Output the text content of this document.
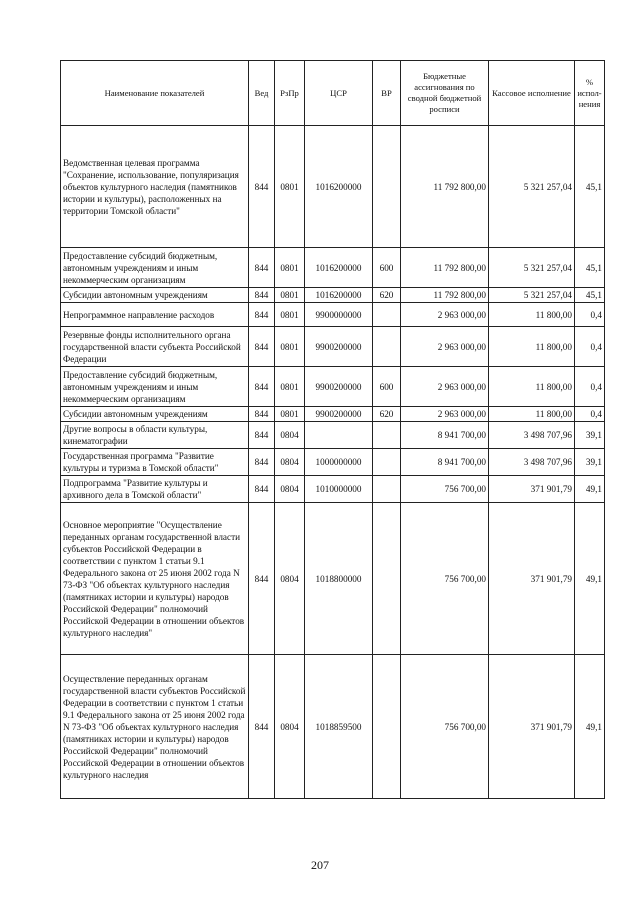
Наименование показателей	Вед	РзПр	ЦСР	ВР	Бюджетные ассигнования по сводной бюджетной росписи	Кассовое исполнение	% испол-нения
Ведомственная целевая программа "Сохранение, использование, популяризация объектов культурного наследия (памятников истории и культуры), расположенных на территории Томской области"	844	0801	1016200000		11 792 800,00	5 321 257,04	45,1
Предоставление субсидий бюджетным, автономным учреждениям и иным некоммерческим организациям	844	0801	1016200000	600	11 792 800,00	5 321 257,04	45,1
Субсидии автономным учреждениям	844	0801	1016200000	620	11 792 800,00	5 321 257,04	45,1
Непрограммное направление расходов	844	0801	9900000000		2 963 000,00	11 800,00	0,4
Резервные фонды исполнительного органа государственной власти субъекта Российской Федерации	844	0801	9900200000		2 963 000,00	11 800,00	0,4
Предоставление субсидий бюджетным, автономным учреждениям и иным некоммерческим организациям	844	0801	9900200000	600	2 963 000,00	11 800,00	0,4
Субсидии автономным учреждениям	844	0801	9900200000	620	2 963 000,00	11 800,00	0,4
Другие вопросы в области культуры, кинематографии	844	0804			8 941 700,00	3 498 707,96	39,1
Государственная программа "Развитие культуры и туризма в Томской области"	844	0804	1000000000		8 941 700,00	3 498 707,96	39,1
Подпрограмма "Развитие культуры и архивного дела в Томской области"	844	0804	1010000000		756 700,00	371 901,79	49,1
Основное мероприятие "Осуществление переданных органам государственной власти субъектов Российской Федерации в соответствии с пунктом 1 статьи 9.1 Федерального закона от 25 июня 2002 года N 73-ФЗ "Об объектах культурного наследия (памятниках истории и культуры) народов Российской Федерации" полномочий Российской Федерации в отношении объектов культурного наследия"	844	0804	1018800000		756 700,00	371 901,79	49,1
Осуществление переданных органам государственной власти субъектов Российской Федерации в соответствии с пунктом 1 статьи 9.1 Федерального закона от 25 июня 2002 года N 73-ФЗ "Об объектах культурного наследия (памятниках истории и культуры) народов Российской Федерации" полномочий Российской Федерации в отношении объектов культурного наследия	844	0804	1018859500		756 700,00	371 901,79	49,1
207
